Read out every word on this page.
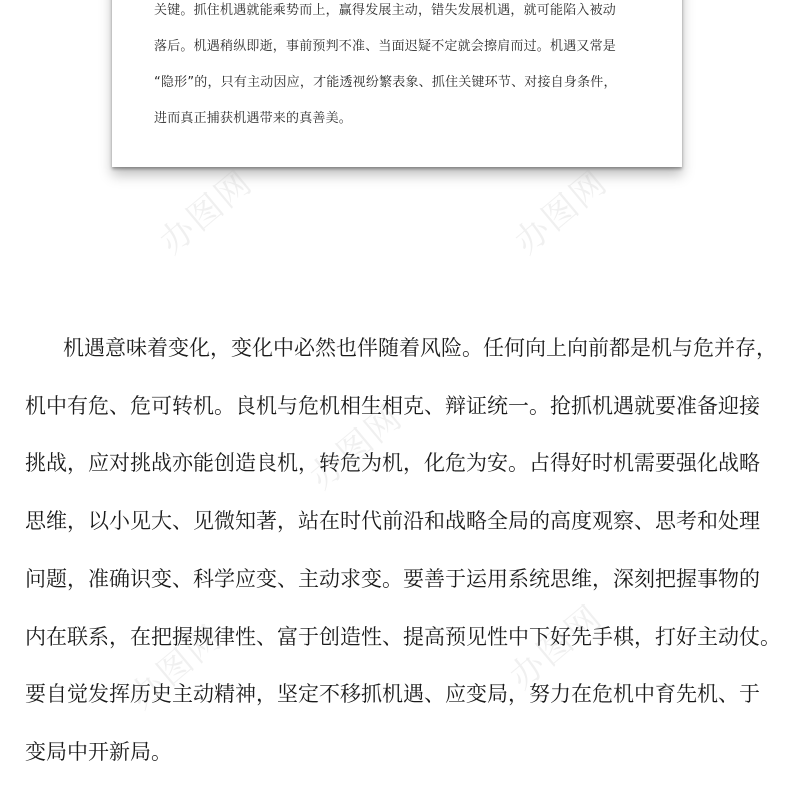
关键。抓住机遇就能乘势而上，赢得发展主动，错失发展机遇，就可能陷入被动
落后。机遇稍纵即逝，事前预判不准、当面迟疑不定就会擦肩而过。机遇又常是
“隐形”的，只有主动因应，才能透视纷繁表象、抓住关键环节、对接自身条件，
进而真正捕获机遇带来的真善美。
办图网	办图网
办图网
办图网	办图网
机遇意味着变化，变化中必然也伴随着风险。任何向上向前都是机与危并存，
机中有危、危可转机。良机与危机相生相克、辩证统一。抢抓机遇就要准备迎接
挑战，应对挑战亦能创造良机，转危为机，化危为安。占得好时机需要强化战略
思维，以小见大、见微知著，站在时代前沿和战略全局的高度观察、思考和处理
问题，准确识变、科学应变、主动求变。要善于运用系统思维，深刻把握事物的
内在联系，在把握规律性、富于创造性、提高预见性中下好先手棋，打好主动仗。
要自觉发挥历史主动精神，坚定不移抓机遇、应变局，努力在危机中育先机、于
变局中开新局。
